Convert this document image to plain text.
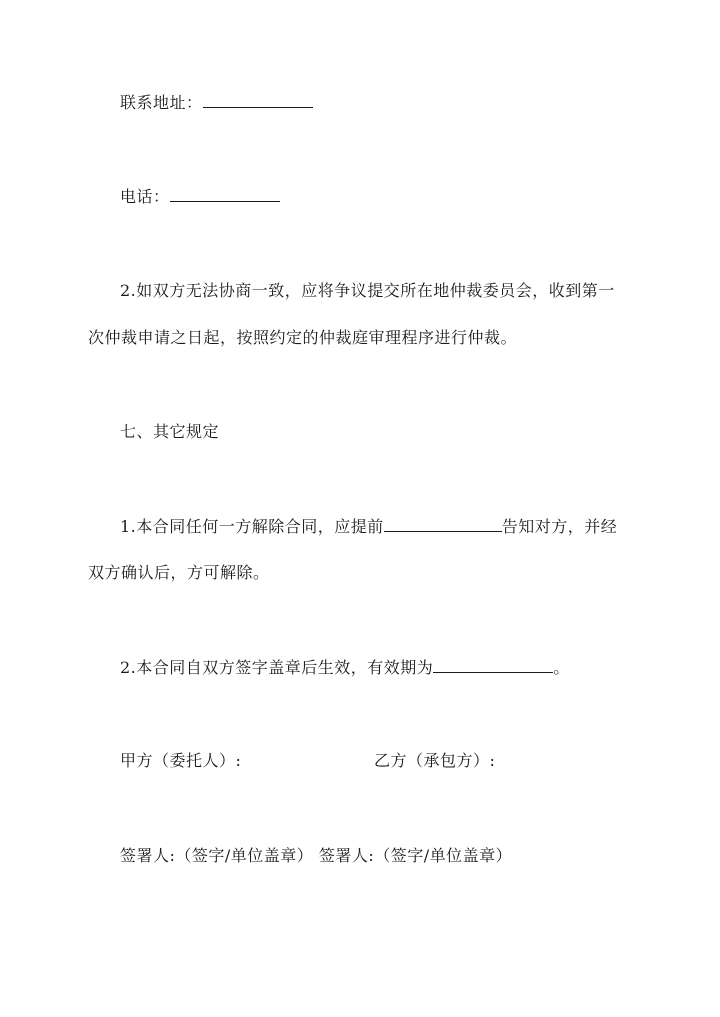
联系地址：
电话：
2.如双方无法协商一致，应将争议提交所在地仲裁委员会，收到第一
次仲裁申请之日起，按照约定的仲裁庭审理程序进行仲裁。
七、其它规定
1.本合同任何一方解除合同，应提前	告知对方，并经
双方确认后，方可解除。
2.本合同自双方签字盖章后生效，有效期为	。
甲方（委托人）:	乙方（承包方）:
签署人:（签字/单位盖章） 签署人:（签字/单位盖章）
